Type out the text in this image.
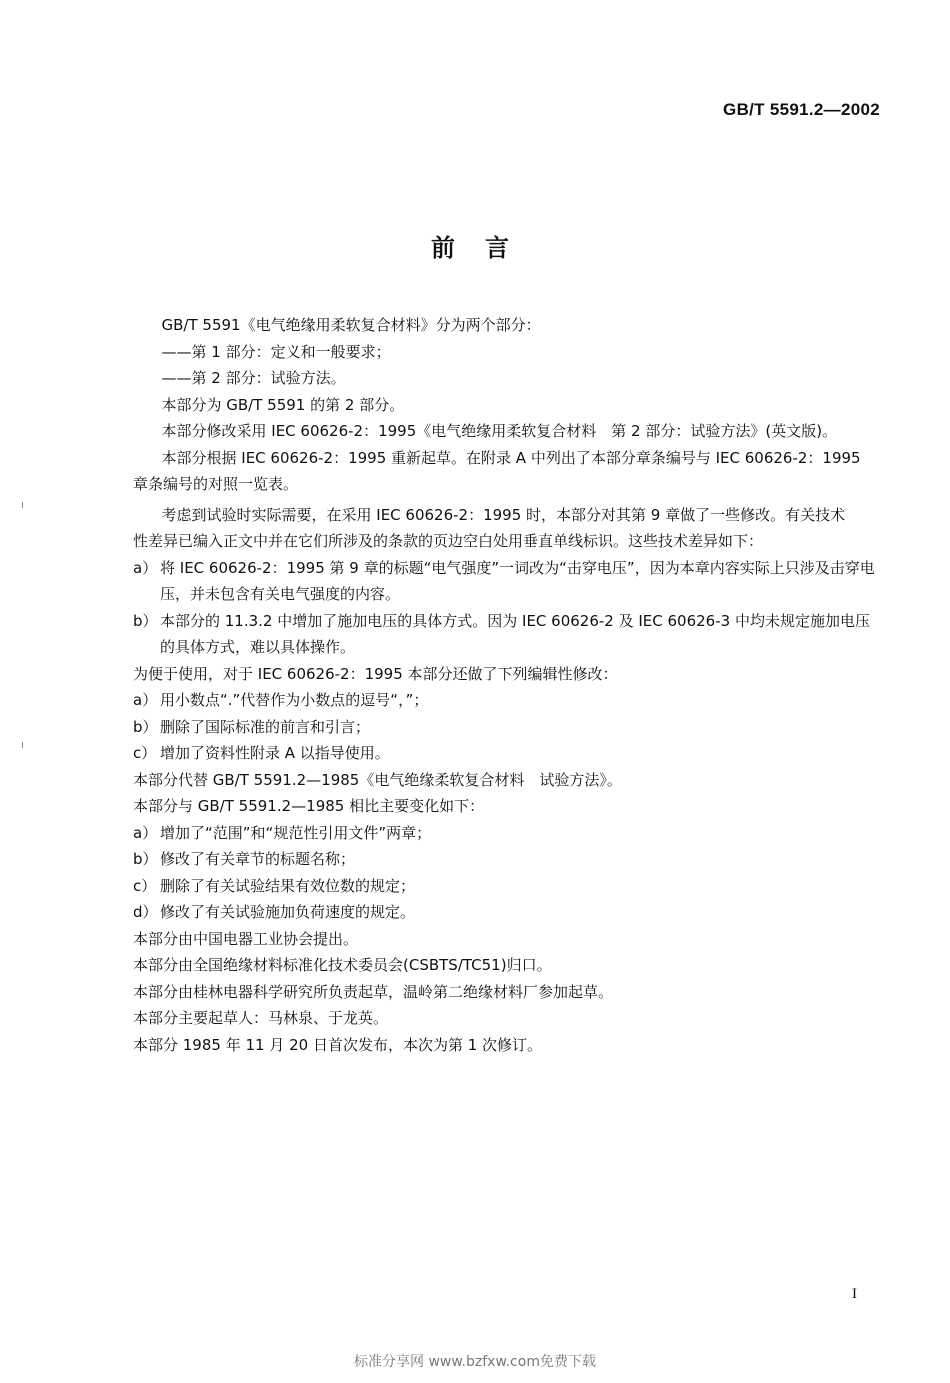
GB/T 5591.2—2002
前言
GB/T 5591《电气绝缘用柔软复合材料》分为两个部分：
——第 1 部分：定义和一般要求；
——第 2 部分：试验方法。
本部分为 GB/T 5591 的第 2 部分。
本部分修改采用 IEC 60626-2：1995《电气绝缘用柔软复合材料　第 2 部分：试验方法》(英文版)。
本部分根据 IEC 60626-2：1995 重新起草。在附录 A 中列出了本部分章条编号与 IEC 60626-2：1995
章条编号的对照一览表。
考虑到试验时实际需要，在采用 IEC 60626-2：1995 时，本部分对其第 9 章做了一些修改。有关技术
性差异已编入正文中并在它们所涉及的条款的页边空白处用垂直单线标识。这些技术差异如下：
a） 将 IEC 60626-2：1995 第 9 章的标题“电气强度”一词改为“击穿电压”，因为本章内容实际上只涉及击穿电压，并未包含有关电气强度的内容。
b） 本部分的 11.3.2 中增加了施加电压的具体方式。因为 IEC 60626-2 及 IEC 60626-3 中均未规定施加电压的具体方式，难以具体操作。
为便于使用，对于 IEC 60626-2：1995 本部分还做了下列编辑性修改：
a） 用小数点“.”代替作为小数点的逗号“，”；
b） 删除了国际标准的前言和引言；
c） 增加了资料性附录 A 以指导使用。
本部分代替 GB/T 5591.2—1985《电气绝缘柔软复合材料　试验方法》。
本部分与 GB/T 5591.2—1985 相比主要变化如下：
a） 增加了“范围”和“规范性引用文件”两章；
b） 修改了有关章节的标题名称；
c） 删除了有关试验结果有效位数的规定；
d） 修改了有关试验施加负荷速度的规定。
本部分由中国电器工业协会提出。
本部分由全国绝缘材料标准化技术委员会(CSBTS/TC51)归口。
本部分由桂林电器科学研究所负责起草，温岭第二绝缘材料厂参加起草。
本部分主要起草人：马林泉、于龙英。
本部分 1985 年 11 月 20 日首次发布，本次为第 1 次修订。
I
标准分享网 www.bzfxw.com免费下载
